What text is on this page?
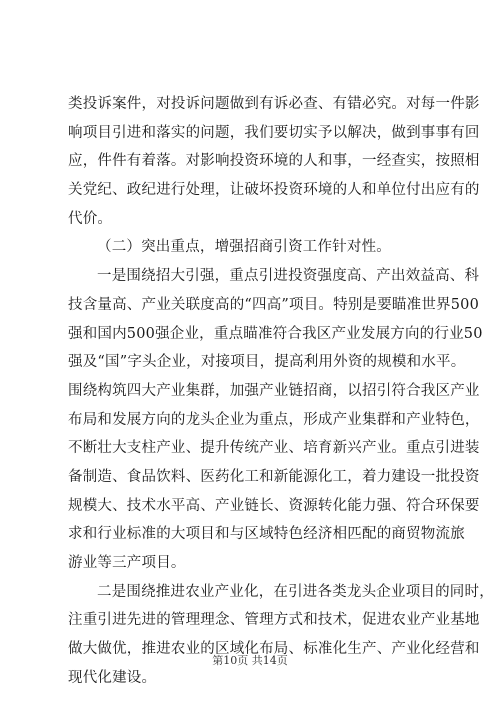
类投诉案件，对投诉问题做到有诉必查、有错必究。对每一件影
响项目引进和落实的问题，我们要切实予以解决，做到事事有回
应，件件有着落。对影响投资环境的人和事，一经查实，按照相
关党纪、政纪进行处理，让破坏投资环境的人和单位付出应有的
代价。
（二）突出重点，增强招商引资工作针对性。
一是围绕招大引强，重点引进投资强度高、产出效益高、科
技含量高、产业关联度高的“四高”项目。特别是要瞄准世界500
强和国内500强企业，重点瞄准符合我区产业发展方向的行业50
强及“国”字头企业，对接项目，提高利用外资的规模和水平。
围绕构筑四大产业集群，加强产业链招商，以招引符合我区产业
布局和发展方向的龙头企业为重点，形成产业集群和产业特色，
不断壮大支柱产业、提升传统产业、培育新兴产业。重点引进装
备制造、食品饮料、医药化工和新能源化工，着力建设一批投资
规模大、技术水平高、产业链长、资源转化能力强、符合环保要
求和行业标准的大项目和与区域特色经济相匹配的商贸物流旅
游业等三产项目。
二是围绕推进农业产业化，在引进各类龙头企业项目的同时，
注重引进先进的管理理念、管理方式和技术，促进农业产业基地
做大做优，推进农业的区域化布局、标准化生产、产业化经营和
现代化建设。
第10页 共14页
